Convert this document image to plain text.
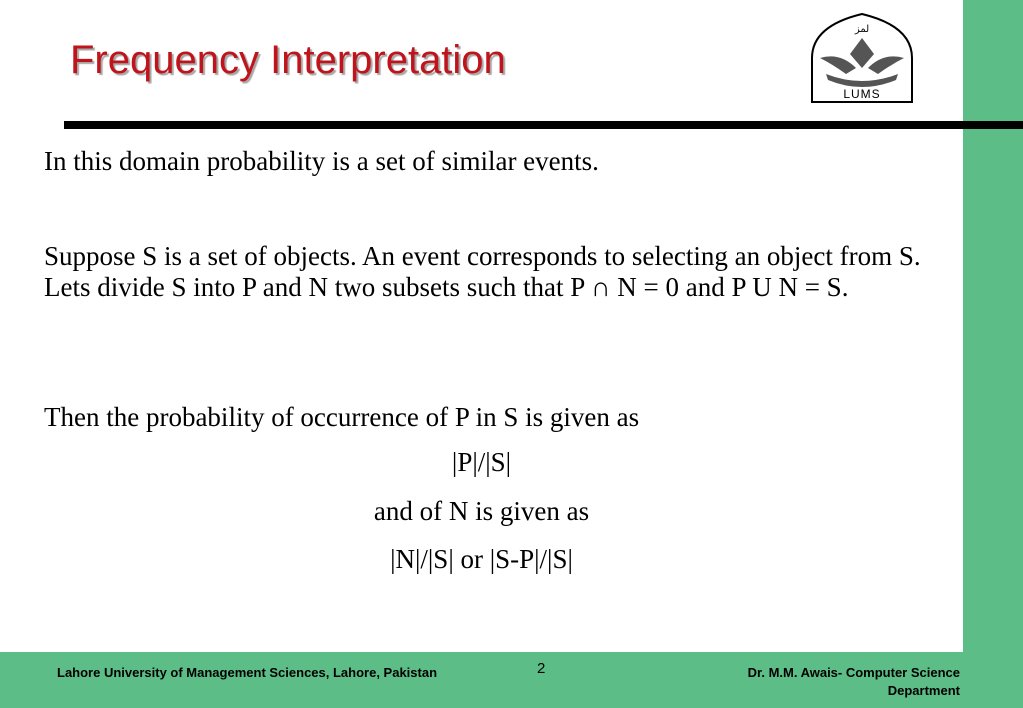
Frequency Interpretation
لمز
LUMS
In this domain probability is a set of similar events.
Suppose S is a set of objects. An event corresponds to selecting an object from S. Lets divide S into P and N two subsets such that P ∩ N = 0 and P U N = S.
Then the probability of occurrence of P in S is given as
|P|/|S|
and of N is given as
|N|/|S| or |S-P|/|S|
Lahore University of Management Sciences, Lahore, Pakistan	2	Dr. M.M. Awais- Computer Science Department
